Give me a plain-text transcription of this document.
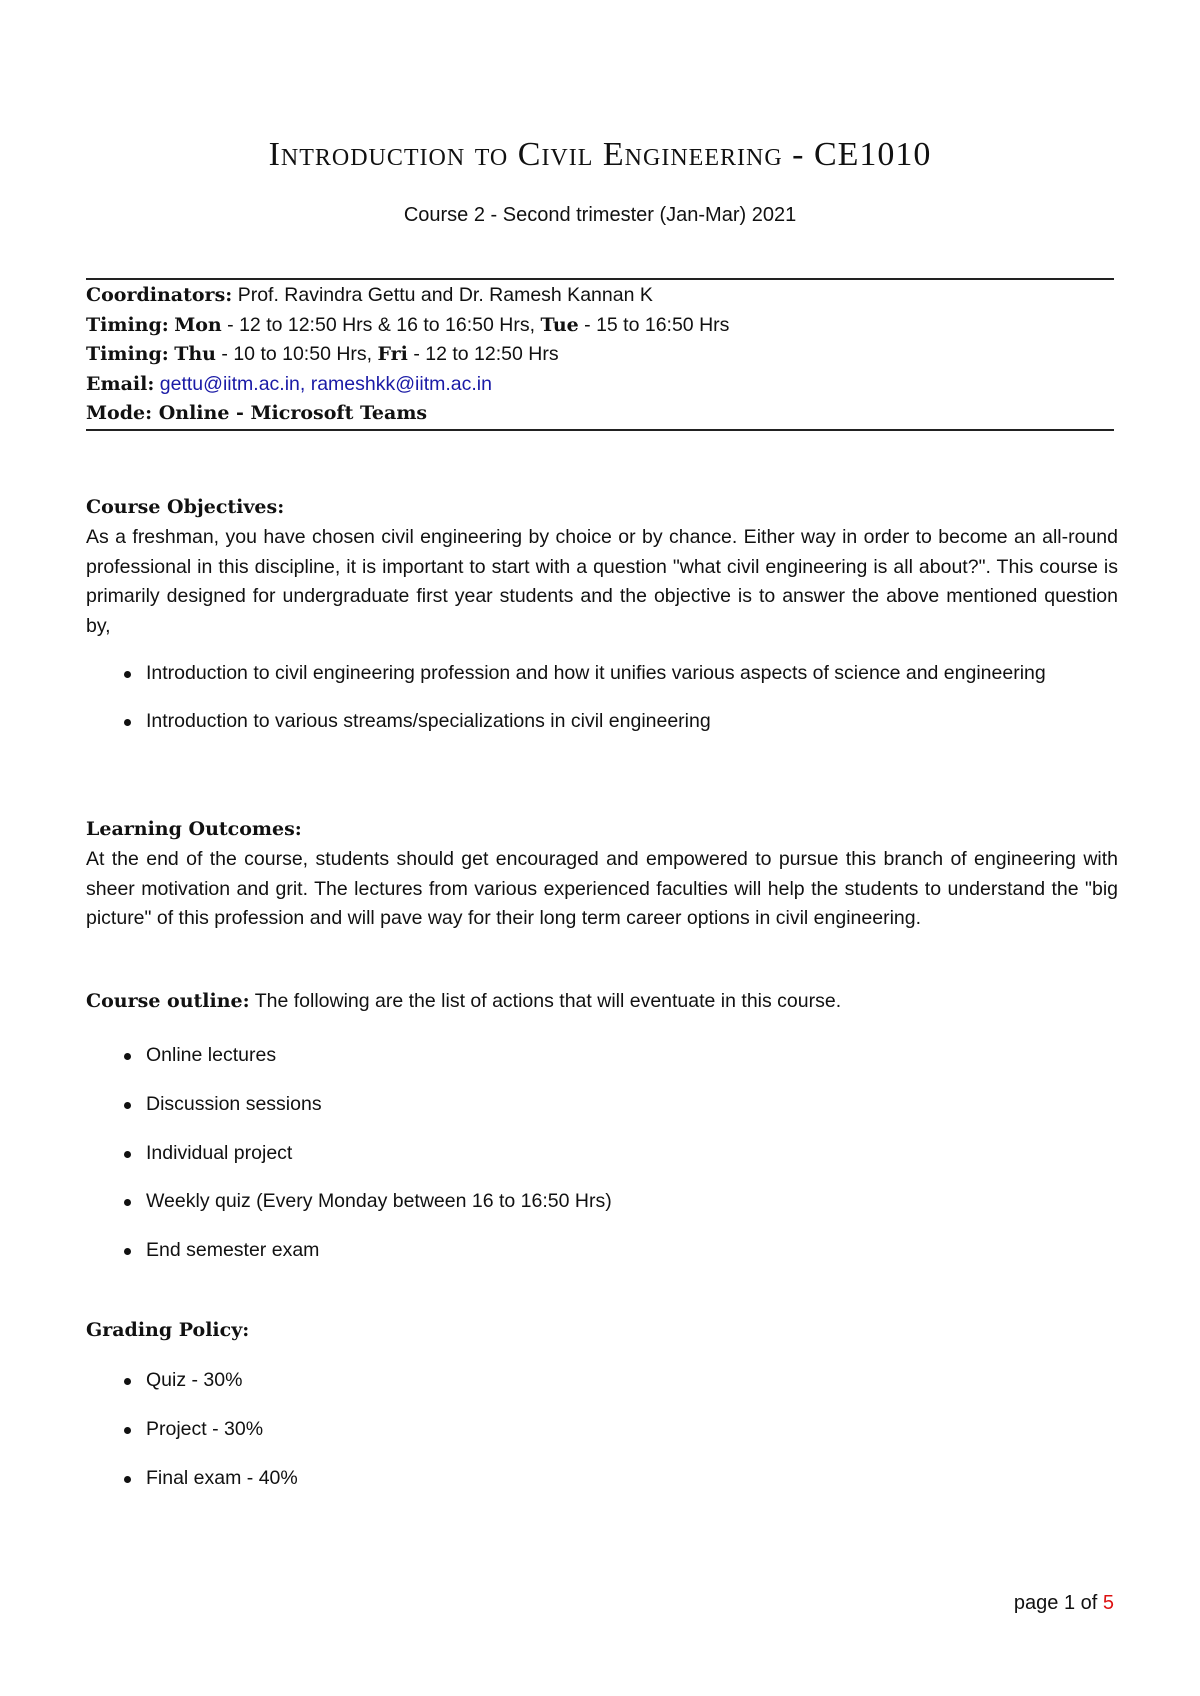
Introduction to Civil Engineering - CE1010
Course 2 - Second trimester (Jan-Mar) 2021
Coordinators: Prof. Ravindra Gettu and Dr. Ramesh Kannan K
Timing: Mon - 12 to 12:50 Hrs & 16 to 16:50 Hrs, Tue - 15 to 16:50 Hrs
Timing: Thu - 10 to 10:50 Hrs, Fri - 12 to 12:50 Hrs
Email: gettu@iitm.ac.in, rameshkk@iitm.ac.in
Mode: Online - Microsoft Teams
Course Objectives:
As a freshman, you have chosen civil engineering by choice or by chance. Either way in order to become an all-round professional in this discipline, it is important to start with a question "what civil engineering is all about?". This course is primarily designed for undergraduate first year students and the objective is to answer the above mentioned question by,
Introduction to civil engineering profession and how it unifies various aspects of science and engineering
Introduction to various streams/specializations in civil engineering
Learning Outcomes:
At the end of the course, students should get encouraged and empowered to pursue this branch of engineering with sheer motivation and grit. The lectures from various experienced faculties will help the students to understand the "big picture" of this profession and will pave way for their long term career options in civil engineering.
Course outline: The following are the list of actions that will eventuate in this course.
Online lectures
Discussion sessions
Individual project
Weekly quiz (Every Monday between 16 to 16:50 Hrs)
End semester exam
Grading Policy:
Quiz - 30%
Project - 30%
Final exam - 40%
page 1 of 5
